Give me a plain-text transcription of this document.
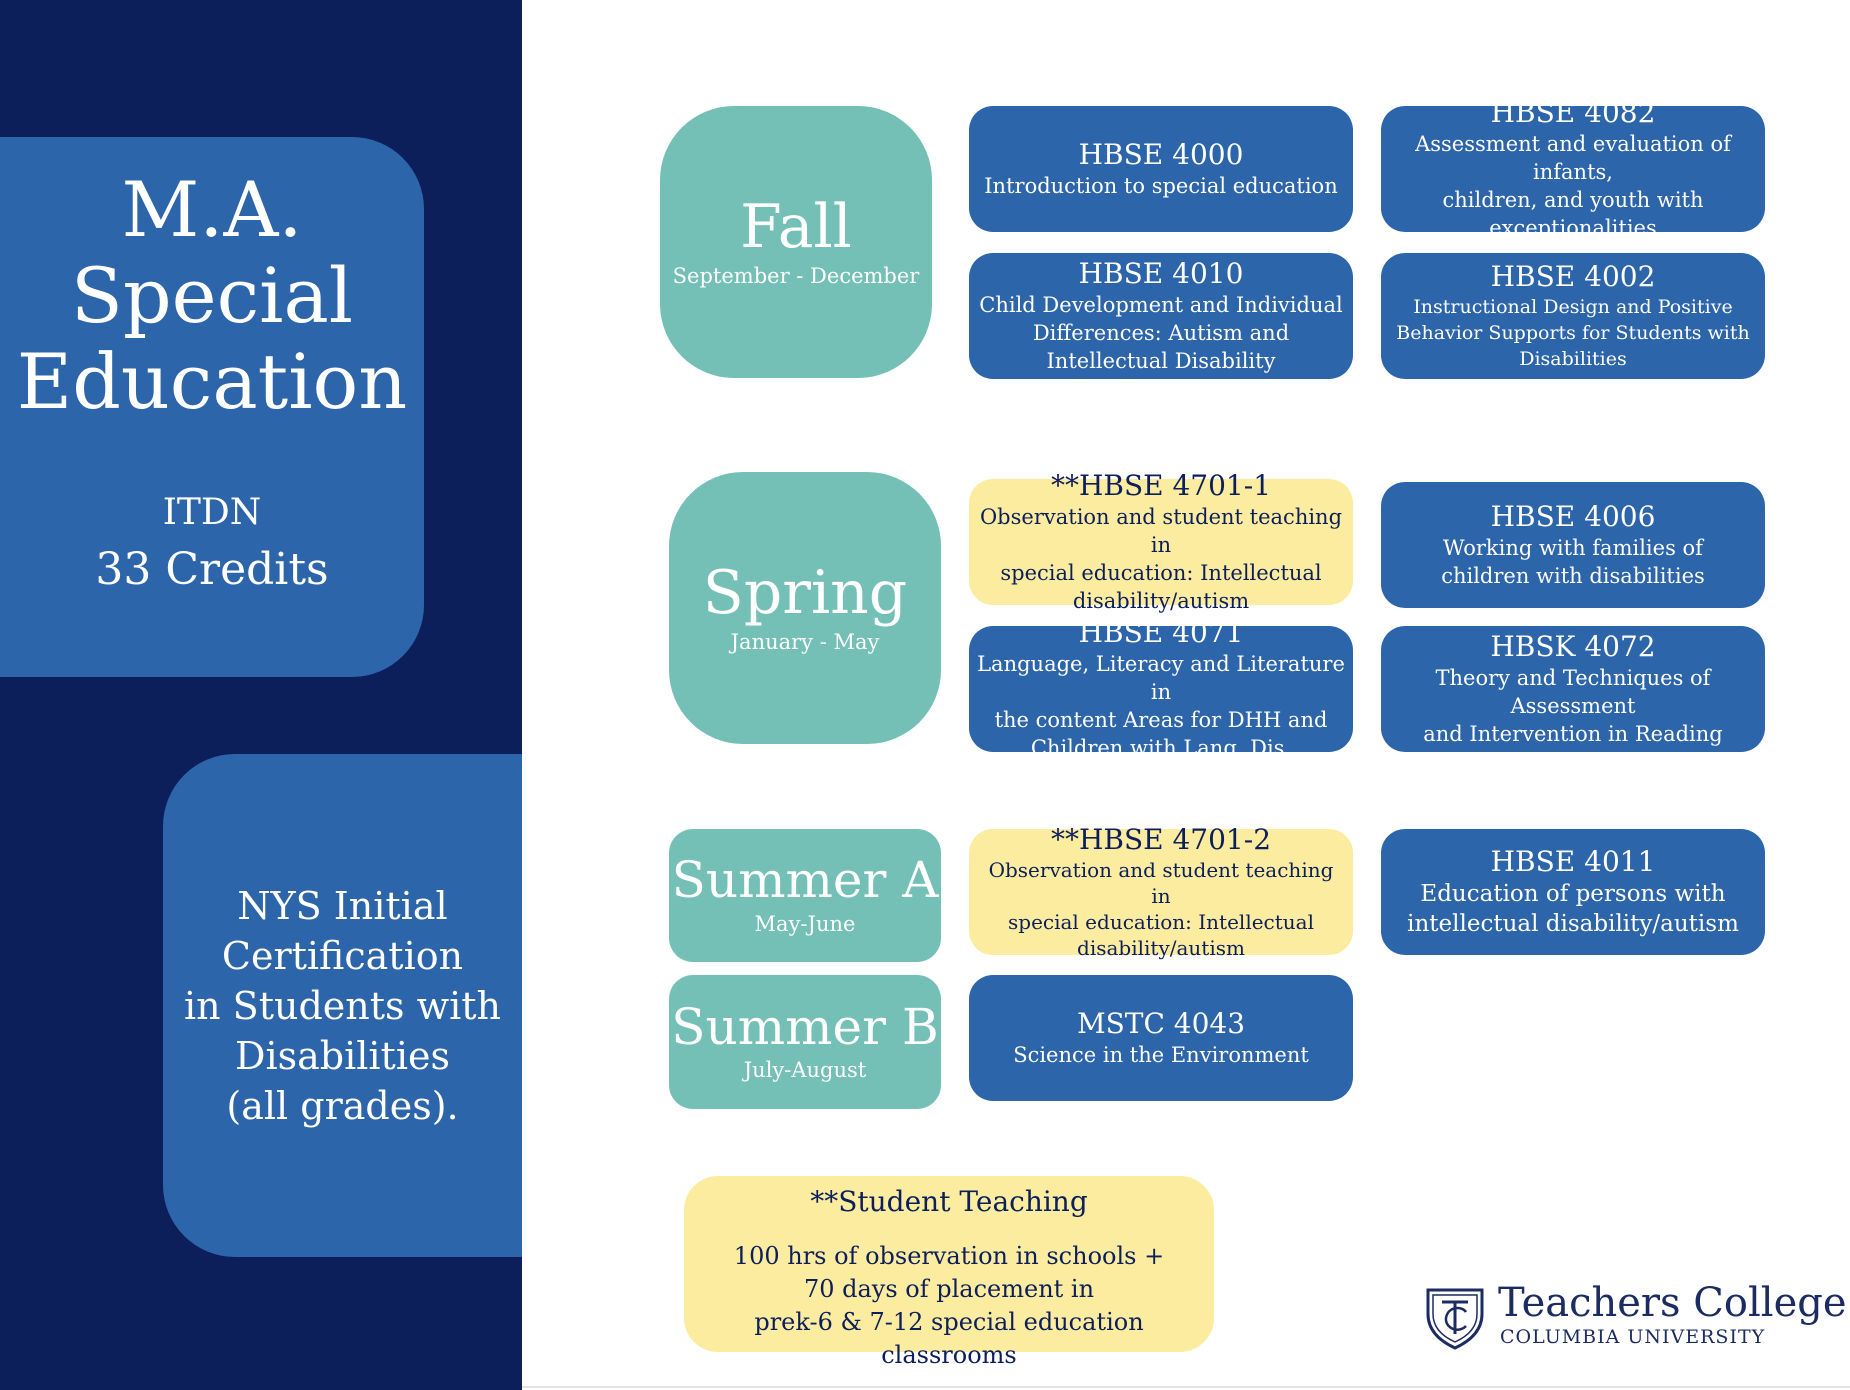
M.A.
Special
Education
ITDN
33 Credits
NYS Initial
Certification
in Students with
Disabilities
(all grades).
Fall
September - December
Spring
January - May
Summer A
May-June
Summer B
July-August
HBSE 4000
Introduction to special education
HBSE 4082
Assessment and evaluation of infants,
children, and youth with
exceptionalities
HBSE 4010
Child Development and Individual
Differences: Autism and
Intellectual Disability
HBSE 4002
Instructional Design and Positive
Behavior Supports for Students with
Disabilities
**HBSE 4701-1
Observation and student teaching in
special education: Intellectual
disability/autism
HBSE 4006
Working with families of
children with disabilities
HBSE 4071
Language, Literacy and Literature in
the content Areas for DHH and
Children with Lang. Dis,
HBSK 4072
Theory and Techniques of Assessment
and Intervention in Reading
**HBSE 4701-2
Observation and student teaching in
special education: Intellectual
disability/autism
HBSE 4011
Education of persons with
intellectual disability/autism
MSTC 4043
Science in the Environment
**Student Teaching
100 hrs of observation in schools +
70 days of placement in
prek-6 & 7-12 special education classrooms
Teachers College
COLUMBIA UNIVERSITY
